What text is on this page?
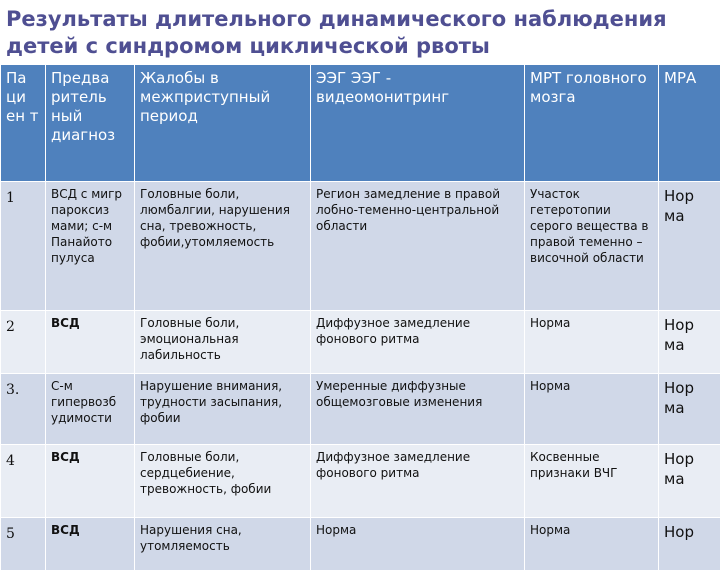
Результаты длительного динамического наблюдения детей с синдромом циклической рвоты
Па ци ен т	Предва ритель ный диагноз	Жалобы в межприступный период	ЭЭГ ЭЭГ - видеомонитринг	МРТ головного мозга	МРА
1	ВСД с мигр пароксиз мами; с-м Панайото пулуса	Головные боли, люмбалгии, нарушения сна, тревожность, фобии,утомляемость	Регион замедление в правой лобно-теменно-центральной области	Участок гетеротопии серого вещества в правой теменно – височной области	Нор ма
2	ВСД	Головные боли, эмоциональная лабильность	Диффузное замедление фонового ритма	Норма	Нор ма
3.	С-м гипервозб удимости	Нарушение внимания, трудности засыпания, фобии	Умеренные диффузные общемозговые изменения	Норма	Нор ма
4	ВСД	Головные боли, сердцебиение, тревожность, фобии	Диффузное замедление фонового ритма	Косвенные признаки ВЧГ	Нор ма
5	ВСД	Нарушения сна, утомляемость	Норма	Норма	Нор
